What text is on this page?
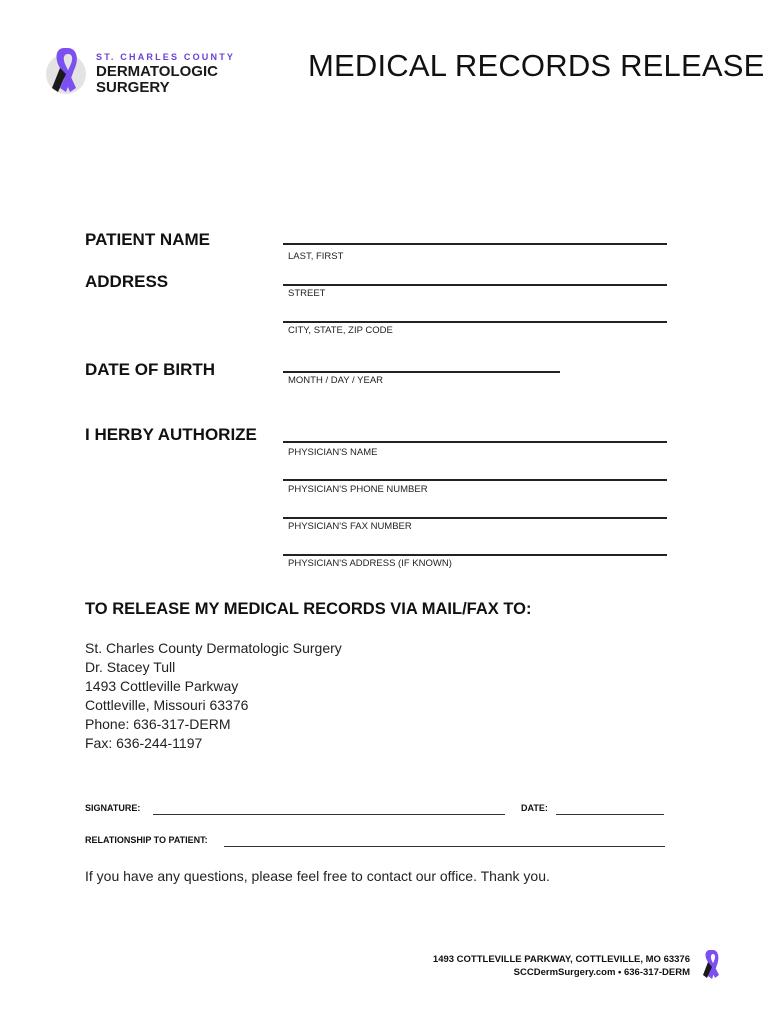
ST. CHARLES COUNTY
DERMATOLOGIC
SURGERY
MEDICAL RECORDS RELEASE
PATIENT NAME
LAST, FIRST
ADDRESS
STREET
CITY, STATE, ZIP CODE
DATE OF BIRTH
MONTH / DAY / YEAR
I HERBY AUTHORIZE
PHYSICIAN'S NAME
PHYSICIAN'S PHONE NUMBER
PHYSICIAN'S FAX NUMBER
PHYSICIAN'S ADDRESS (IF KNOWN)
TO RELEASE MY MEDICAL RECORDS VIA MAIL/FAX TO:
St. Charles County Dermatologic Surgery
Dr. Stacey Tull
1493 Cottleville Parkway
Cottleville, Missouri 63376
Phone: 636-317-DERM
Fax: 636-244-1197
SIGNATURE:	DATE:
RELATIONSHIP TO PATIENT:
If you have any questions, please feel free to contact our office. Thank you.
1493 COTTLEVILLE PARKWAY, COTTLEVILLE, MO 63376
SCCDermSurgery.com • 636-317-DERM
